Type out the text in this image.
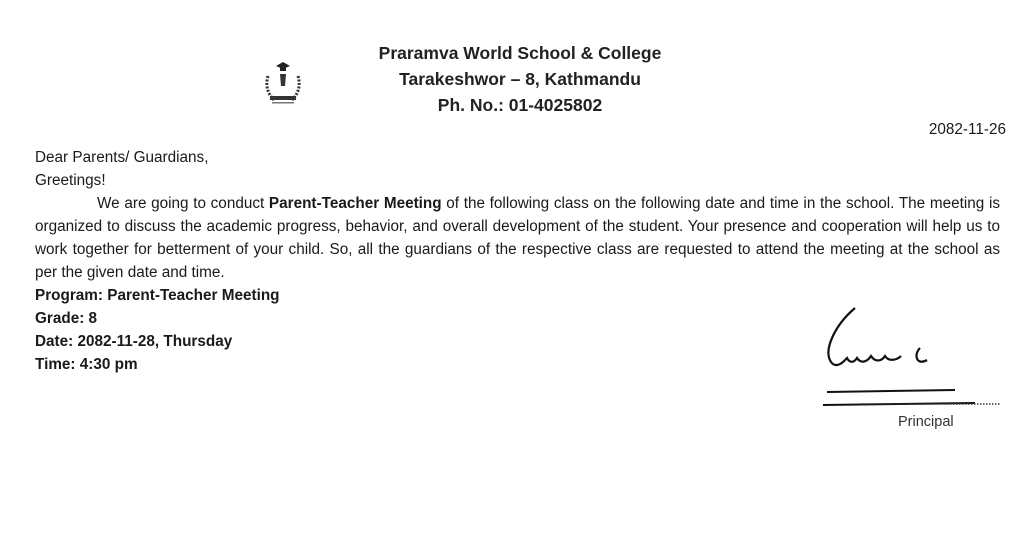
Praramva World School & College
Tarakeshwor – 8, Kathmandu
Ph. No.: 01-4025802
2082-11-26
Dear Parents/ Guardians,
Greetings!
We are going to conduct Parent-Teacher Meeting of the following class on the following date and time in the school. The meeting is organized to discuss the academic progress, behavior, and overall development of the student. Your presence and cooperation will help us to work together for betterment of your child. So, all the guardians of the respective class are requested to attend the meeting at the school as per the given date and time.
Program: Parent-Teacher Meeting
Grade: 8
Date: 2082-11-28, Thursday
Time: 4:30 pm
Principal
